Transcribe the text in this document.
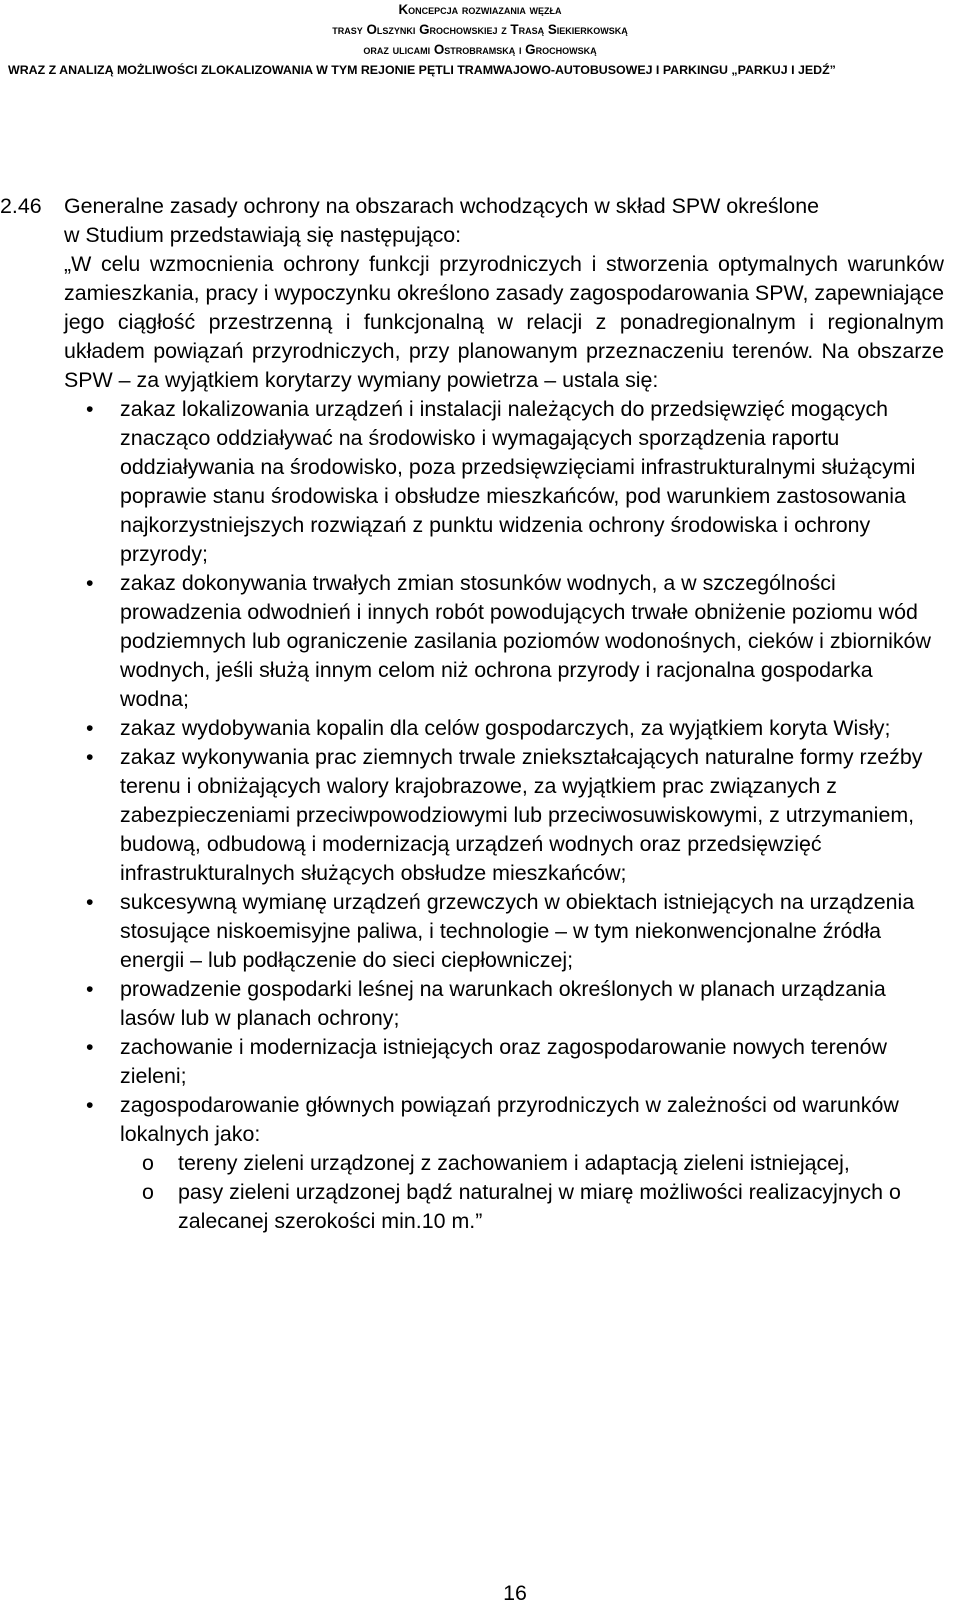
Koncepcja rozwiazania węzła
trasy Olszynki Grochowskiej z Trasą Siekierkowską
oraz ulicami Ostrobramską i Grochowską
WRAZ Z ANALIZĄ MOŻLIWOŚCI ZLOKALIZOWANIA W TYM REJONIE PĘTLI TRAMWAJOWO-AUTOBUSOWEJ I PARKINGU „PARKUJ I JEDŹ”
2.46	Generalne zasady ochrony na obszarach wchodzących w skład SPW określone
w Studium przedstawiają się następująco:
„W celu wzmocnienia ochrony funkcji przyrodniczych i stworzenia optymalnych warunków zamieszkania, pracy i wypoczynku określono zasady zagospodarowania SPW, zapewniające jego ciągłość przestrzenną i funkcjonalną w relacji z ponadregionalnym i regionalnym układem powiązań przyrodniczych, przy planowanym przeznaczeniu terenów. Na obszarze SPW – za wyjątkiem korytarzy wymiany powietrza – ustala się:
•	zakaz lokalizowania urządzeń i instalacji należących do przedsięwzięć mogących znacząco oddziaływać na środowisko i wymagających sporządzenia raportu oddziaływania na środowisko, poza przedsięwzięciami infrastrukturalnymi służącymi poprawie stanu środowiska i obsłudze mieszkańców, pod warunkiem zastosowania najkorzystniejszych rozwiązań z punktu widzenia ochrony środowiska i ochrony przyrody;
•	zakaz dokonywania trwałych zmian stosunków wodnych, a w szczególności prowadzenia odwodnień i innych robót powodujących trwałe obniżenie poziomu wód podziemnych lub ograniczenie zasilania poziomów wodonośnych, cieków i zbiorników wodnych, jeśli służą innym celom niż ochrona przyrody i racjonalna gospodarka wodna;
•	zakaz wydobywania kopalin dla celów gospodarczych, za wyjątkiem koryta Wisły;
•	zakaz wykonywania prac ziemnych trwale zniekształcających naturalne formy rzeźby terenu i obniżających walory krajobrazowe, za wyjątkiem prac związanych z zabezpieczeniami przeciwpowodziowymi lub przeciwosuwiskowymi, z utrzymaniem, budową, odbudową i modernizacją urządzeń wodnych oraz przedsięwzięć infrastrukturalnych służących obsłudze mieszkańców;
•	sukcesywną wymianę urządzeń grzewczych w obiektach istniejących na urządzenia stosujące niskoemisyjne paliwa, i technologie – w tym niekonwencjonalne źródła energii – lub podłączenie do sieci ciepłowniczej;
•	prowadzenie gospodarki leśnej na warunkach określonych w planach urządzania lasów lub w planach ochrony;
•	zachowanie i modernizacja istniejących oraz zagospodarowanie nowych terenów zieleni;
•	zagospodarowanie głównych powiązań przyrodniczych w zależności od warunków lokalnych jako:
o tereny zieleni urządzonej z zachowaniem i adaptacją zieleni istniejącej,
o pasy zieleni urządzonej bądź naturalnej w miarę możliwości realizacyjnych o zalecanej szerokości min.10 m.”
16
